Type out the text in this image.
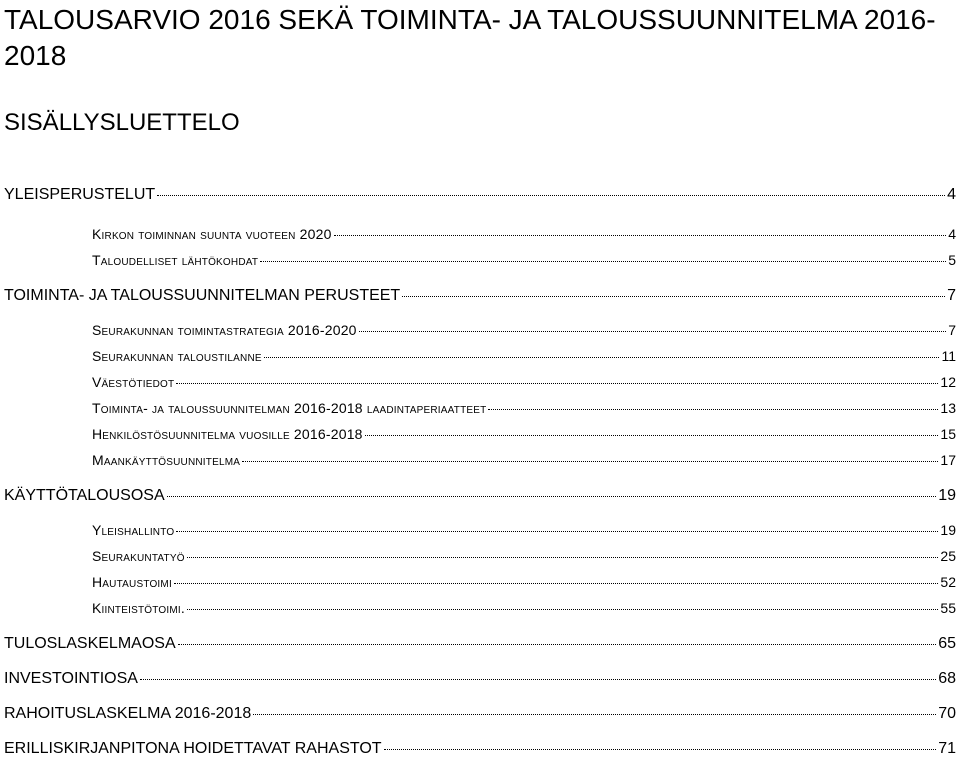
TALOUSARVIO 2016 SEKÄ TOIMINTA- JA TALOUSSUUNNITELMA 2016-2018
SISÄLLYSLUETTELO
YLEISPERUSTELUT	4
Kirkon toiminnan suunta vuoteen 2020	4
Taloudelliset lähtökohdat	5
TOIMINTA- JA TALOUSSUUNNITELMAN PERUSTEET	7
Seurakunnan toimintastrategia 2016-2020	7
Seurakunnan taloustilanne	11
Väestötiedot	12
Toiminta- ja taloussuunnitelman 2016-2018 laadintaperiaatteet	13
Henkilöstösuunnitelma vuosille 2016-2018	15
Maankäyttösuunnitelma	17
KÄYTTÖTALOUSOSA	19
Yleishallinto	19
Seurakuntatyö	25
Hautaustoimi	52
Kiinteistötoimi.	55
TULOSLASKELMAOSA	65
INVESTOINTIOSA	68
RAHOITUSLASKELMA 2016-2018	70
ERILLISKIRJANPITONA HOIDETTAVAT RAHASTOT	71
